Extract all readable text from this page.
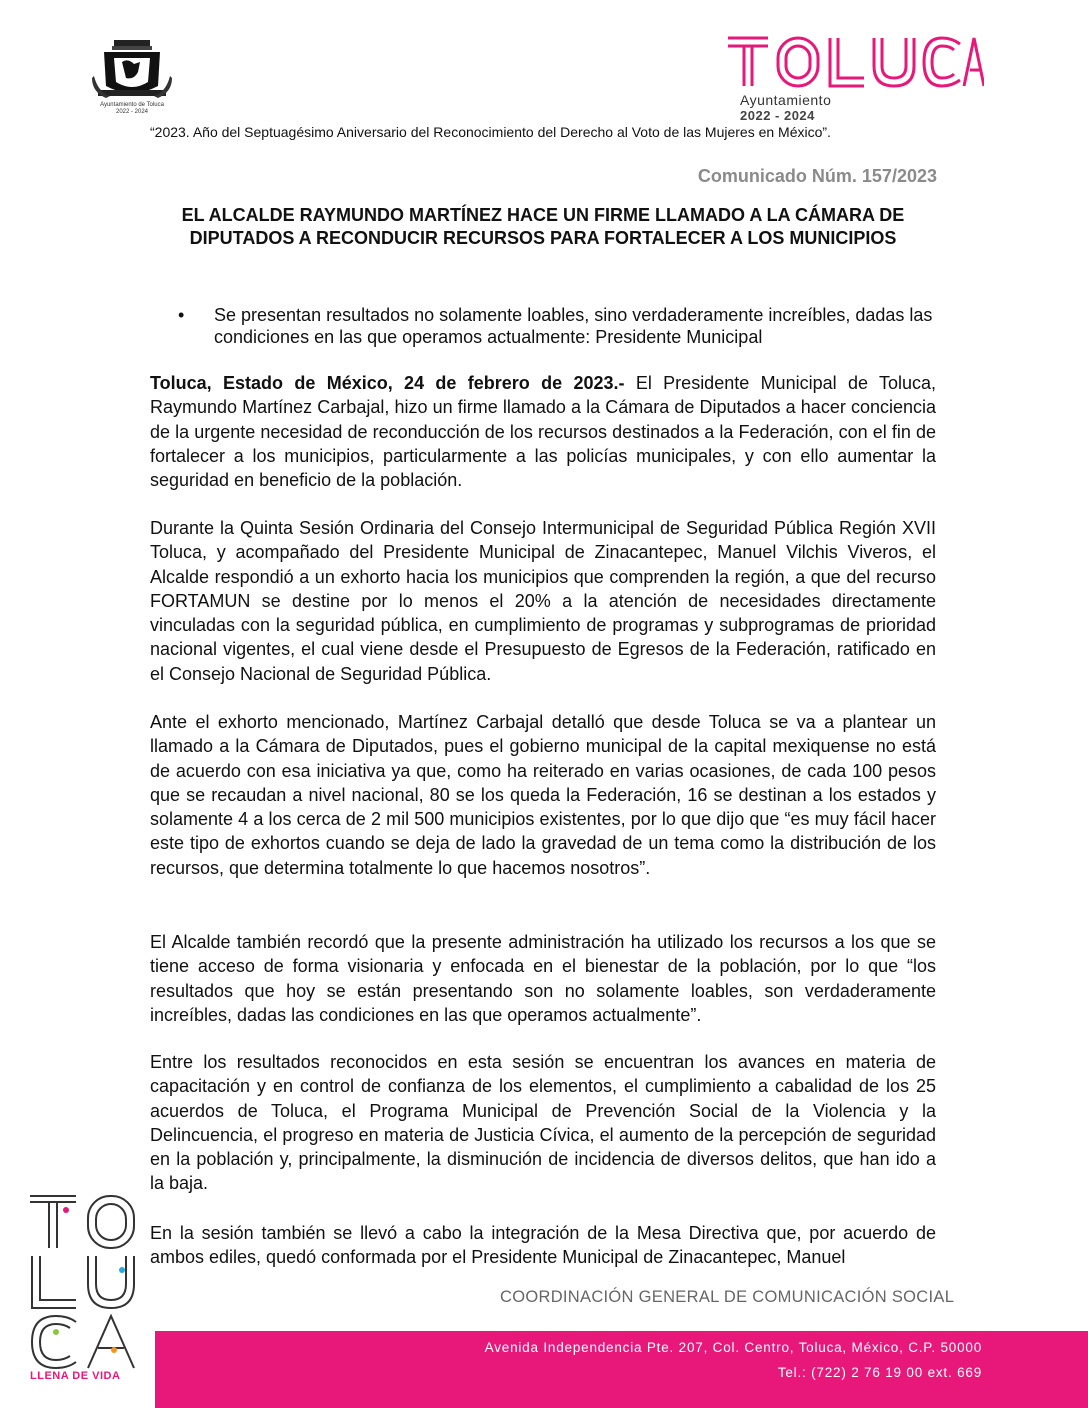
Ayuntamiento de Toluca
2022 - 2024
Ayuntamiento
2022 - 2024
“2023. Año del Septuagésimo Aniversario del Reconocimiento del Derecho al Voto de las Mujeres en México”.
Comunicado Núm. 157/2023
EL ALCALDE RAYMUNDO MARTÍNEZ HACE UN FIRME LLAMADO A LA CÁMARA DE DIPUTADOS A RECONDUCIR RECURSOS PARA FORTALECER A LOS MUNICIPIOS
• Se presentan resultados no solamente loables, sino verdaderamente increíbles, dadas las condiciones en las que operamos actualmente: Presidente Municipal
Toluca, Estado de México, 24 de febrero de 2023.- El Presidente Municipal de Toluca, Raymundo Martínez Carbajal, hizo un firme llamado a la Cámara de Diputados a hacer conciencia de la urgente necesidad de reconducción de los recursos destinados a la Federación, con el fin de fortalecer a los municipios, particularmente a las policías municipales, y con ello aumentar la seguridad en beneficio de la población.
Durante la Quinta Sesión Ordinaria del Consejo Intermunicipal de Seguridad Pública Región XVII Toluca, y acompañado del Presidente Municipal de Zinacantepec, Manuel Vilchis Viveros, el Alcalde respondió a un exhorto hacia los municipios que comprenden la región, a que del recurso FORTAMUN se destine por lo menos el 20% a la atención de necesidades directamente vinculadas con la seguridad pública, en cumplimiento de programas y subprogramas de prioridad nacional vigentes, el cual viene desde el Presupuesto de Egresos de la Federación, ratificado en el Consejo Nacional de Seguridad Pública.
Ante el exhorto mencionado, Martínez Carbajal detalló que desde Toluca se va a plantear un llamado a la Cámara de Diputados, pues el gobierno municipal de la capital mexiquense no está de acuerdo con esa iniciativa ya que, como ha reiterado en varias ocasiones, de cada 100 pesos que se recaudan a nivel nacional, 80 se los queda la Federación, 16 se destinan a los estados y solamente 4 a los cerca de 2 mil 500 municipios existentes, por lo que dijo que “es muy fácil hacer este tipo de exhortos cuando se deja de lado la gravedad de un tema como la distribución de los recursos, que determina totalmente lo que hacemos nosotros”.
El Alcalde también recordó que la presente administración ha utilizado los recursos a los que se tiene acceso de forma visionaria y enfocada en el bienestar de la población, por lo que “los resultados que hoy se están presentando son no solamente loables, son verdaderamente increíbles, dadas las condiciones en las que operamos actualmente”.
Entre los resultados reconocidos en esta sesión se encuentran los avances en materia de capacitación y en control de confianza de los elementos, el cumplimiento a cabalidad de los 25 acuerdos de Toluca, el Programa Municipal de Prevención Social de la Violencia y la Delincuencia, el progreso en materia de Justicia Cívica, el aumento de la percepción de seguridad en la población y, principalmente, la disminución de incidencia de diversos delitos, que han ido a la baja.
En la sesión también se llevó a cabo la integración de la Mesa Directiva que, por acuerdo de ambos ediles, quedó conformada por el Presidente Municipal de Zinacantepec, Manuel
LLENA DE VIDA
COORDINACIÓN GENERAL DE COMUNICACIÓN SOCIAL
Avenida Independencia Pte. 207, Col. Centro, Toluca, México, C.P. 50000
Tel.: (722) 2 76 19 00 ext. 669
